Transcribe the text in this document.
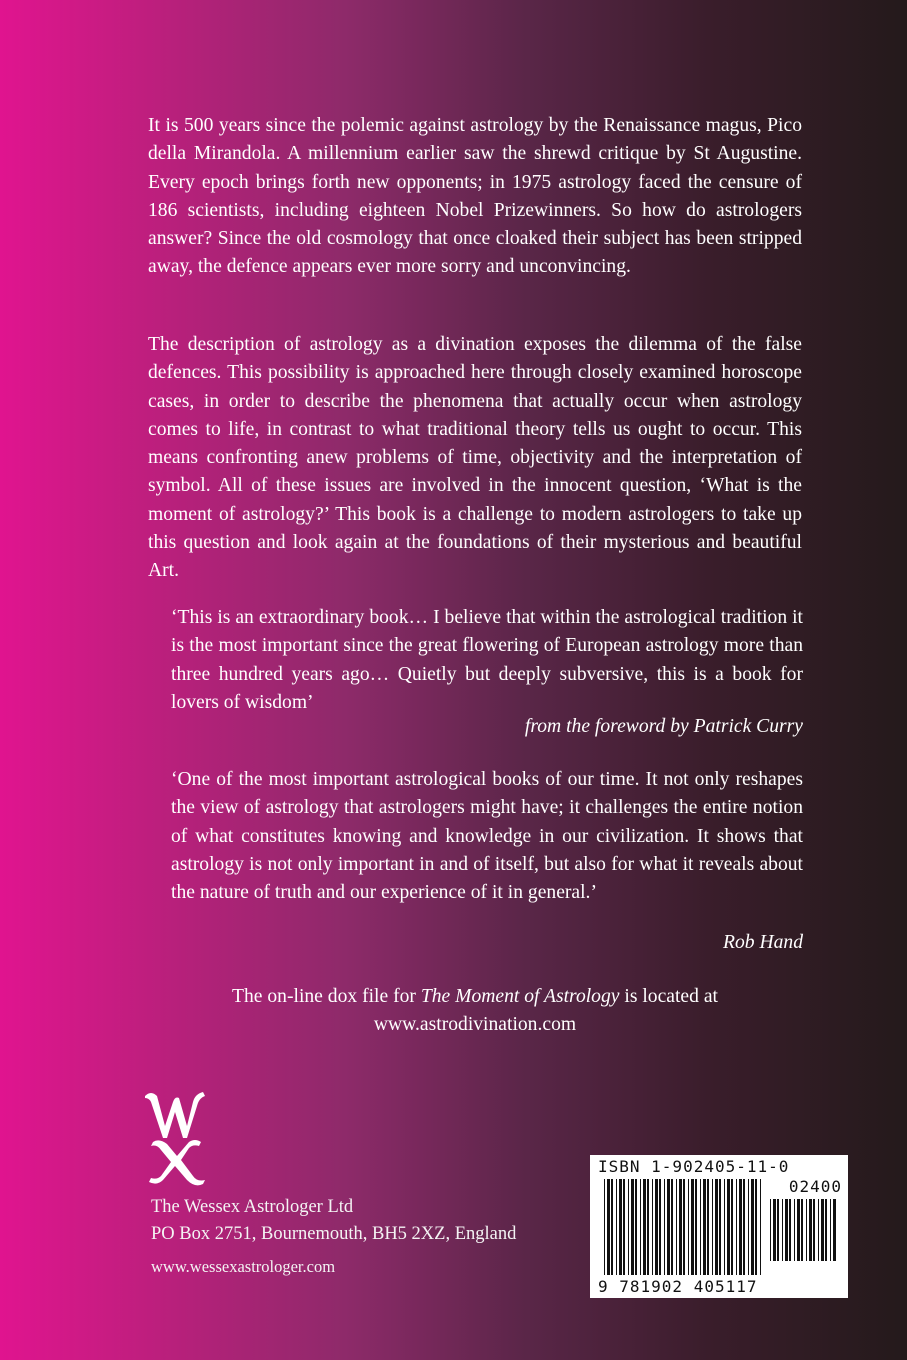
It is 500 years since the polemic against astrology by the Renaissance magus, Pico della Mirandola. A millennium earlier saw the shrewd critique by St Augustine. Every epoch brings forth new opponents; in 1975 astrology faced the censure of 186 scientists, including eighteen Nobel Prizewinners. So how do astrologers answer? Since the old cosmology that once cloaked their subject has been stripped away, the defence appears ever more sorry and unconvincing.

The description of astrology as a divination exposes the dilemma of the false defences. This possibility is approached here through closely examined horoscope cases, in order to describe the phenomena that actually occur when astrology comes to life, in contrast to what traditional theory tells us ought to occur. This means confronting anew problems of time, objectivity and the interpretation of symbol. All of these issues are involved in the innocent question, ‘What is the moment of astrology?’ This book is a challenge to modern astrologers to take up this question and look again at the foundations of their mysterious and beautiful Art.

‘This is an extraordinary book… I believe that within the astrological tradition it is the most important since the great flowering of European astrology more than three hundred years ago… Quietly but deeply subversive, this is a book for lovers of wisdom’

from the foreword by Patrick Curry

‘One of the most important astrological books of our time. It not only reshapes the view of astrology that astrologers might have; it challenges the entire notion of what constitutes knowing and knowledge in our civilization. It shows that astrology is not only important in and of itself, but also for what it reveals about the nature of truth and our experience of it in general.’

Rob Hand

The on-line dox file for The Moment of Astrology is located at
www.astrodivination.com

The Wessex Astrologer Ltd

PO Box 2751, Bournemouth, BH5 2XZ, England

www.wessexastrologer.com

ISBN 1-902405-11-0
02400
9 781902 405117
